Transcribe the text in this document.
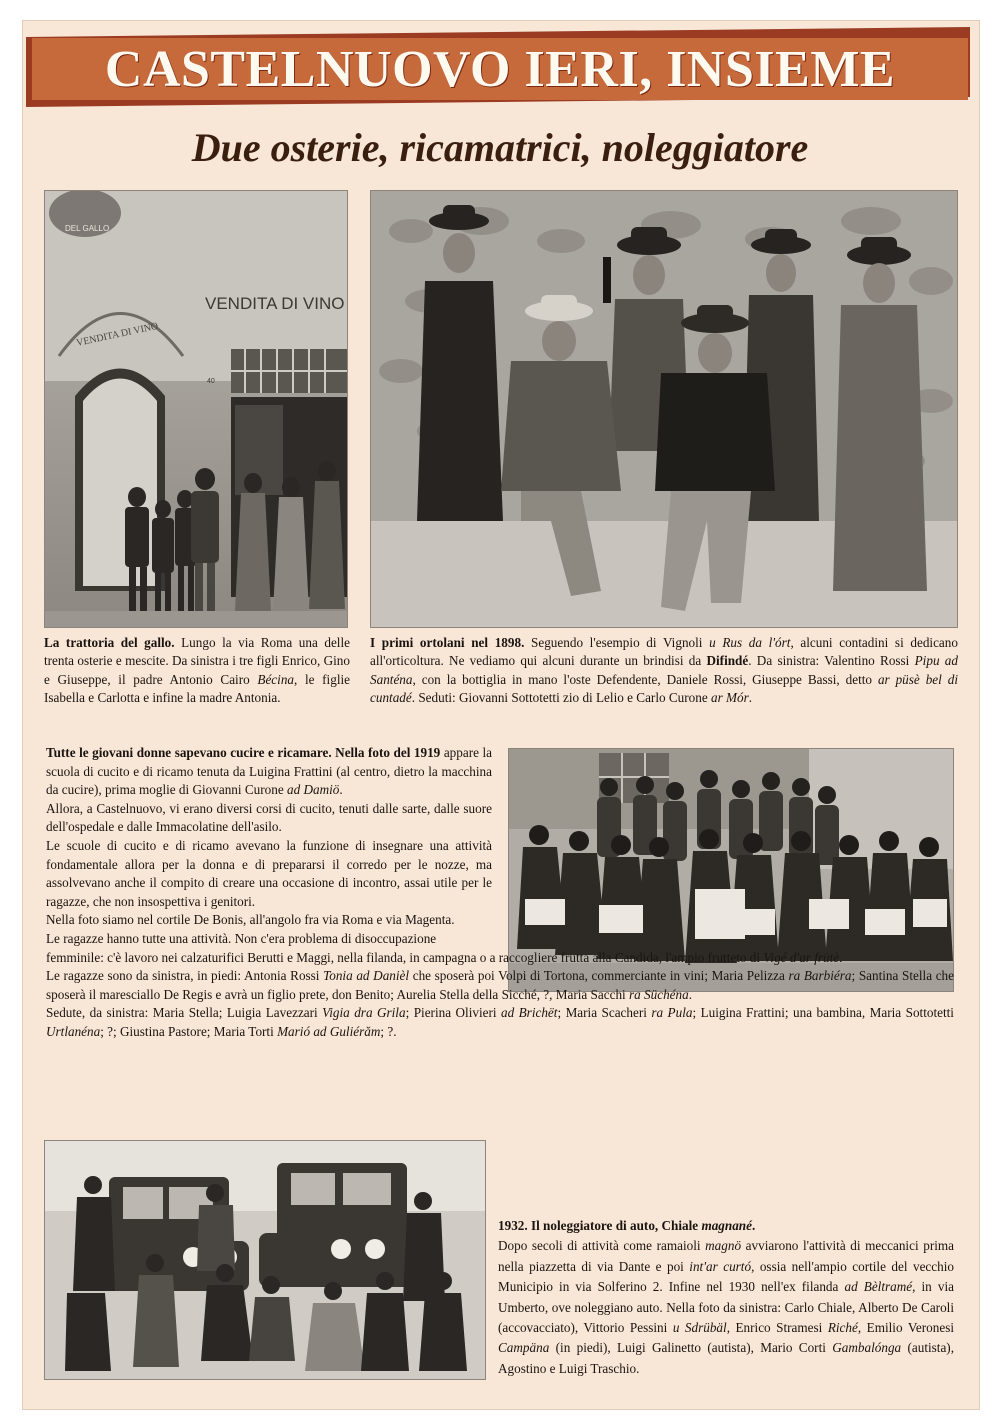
CASTELNUOVO IERI, INSIEME
Due osterie, ricamatrici, noleggiatore
DEL GALLO
VENDITA DI VINO
VENDITA DI VINO
40
La trattoria del gallo. Lungo la via Roma una delle trenta osterie e mescite. Da sinistra i tre figli Enrico, Gino e Giuseppe, il padre Antonio Cairo Bécina, le figlie Isabella e Carlotta e infine la madre Antonia.
I primi ortolani nel 1898. Seguendo l'esempio di Vignoli u Rus da l'órt, alcuni contadini si dedicano all'orticoltura. Ne vediamo qui alcuni durante un brindisi da Difindé. Da sinistra: Valentino Rossi Pipu ad Santéna, con la bottiglia in mano l'oste Defendente, Daniele Rossi, Giuseppe Bassi, detto ar püsè bel di cuntadé. Seduti: Giovanni Sottotetti zio di Lelio e Carlo Curone ar Mór.

Tutte le giovani donne sapevano cucire e ricamare. Nella foto del 1919 appare la scuola di cucito e di ricamo tenuta da Luigina Frattini (al centro, dietro la macchina da cucire), prima moglie di Giovanni Curone ad Damiö.

Allora, a Castelnuovo, vi erano diversi corsi di cucito, tenuti dalle sarte, dalle suore dell'ospedale e dalle Immacolatine dell'asilo.

Le scuole di cucito e di ricamo avevano la funzione di insegnare una attività fondamentale allora per la donna e di prepararsi il corredo per le nozze, ma assolvevano anche il compito di creare una occasione di incontro, assai utile per le ragazze, che non insospettiva i genitori.

Nella foto siamo nel cortile De Bonis, all'angolo fra via Roma e via Magenta.

Le ragazze hanno tutte una attività. Non c'era problema di disoccupazione

femminile: c'è lavoro nei calzaturifici Berutti e Maggi, nella filanda, in campagna o a raccogliere frutta alla Candida, l'ampio frutteto di Vigé d'ar frütè.

Le ragazze sono da sinistra, in piedi: Antonia Rossi Tonia ad Danièl che sposerà poi Volpi di Tortona, commerciante in vini; Maria Pelizza ra Barbiéra; Santina Stella che sposerà il maresciallo De Regis e avrà un figlio prete, don Benito; Aurelia Stella della Sicché, ?, Maria Sacchi ra Süchéna.

Sedute, da sinistra: Maria Stella; Luigia Lavezzari Vigia dra Grila; Pierina Olivieri ad Brichët; Maria Scacheri ra Pula; Luigina Frattini; una bambina, Maria Sottotetti Urtlanéna; ?; Giustina Pastore; Maria Torti Marió ad Guliérăm; ?.

1932. Il noleggiatore di auto, Chiale magnané.

Dopo secoli di attività come ramaioli magnö avviarono l'attività di meccanici prima nella piazzetta di via Dante e poi int'ar curtó, ossia nell'ampio cortile del vecchio Municipio in via Solferino 2. Infine nel 1930 nell'ex filanda ad Bèltramé, in via Umberto, ove noleggiano auto. Nella foto da sinistra: Carlo Chiale, Alberto De Caroli (accovacciato), Vittorio Pessini u Sdrübäl, Enrico Stramesi Riché, Emilio Veronesi Campäna (in piedi), Luigi Galinetto (autista), Mario Corti Gambalónga (autista), Agostino e Luigi Traschio.
